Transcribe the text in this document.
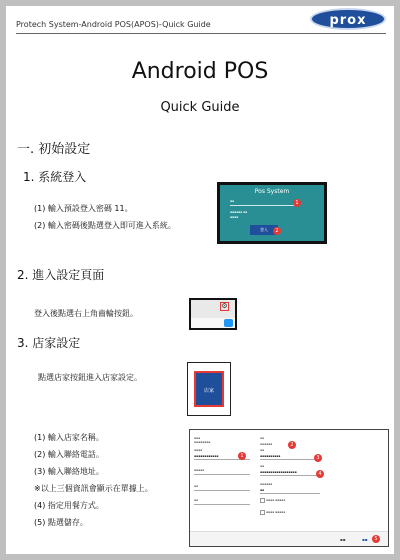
Protech System-Android POS(APOS)-Quick Guide	prox
Android POS
Quick Guide
一. 初始設定
1. 系統登入
(1) 輸入預設登入密碼 11。
(2) 輸入密碼後點選登入即可進入系統。
Pos System
▪▪
▪▪▪▪▪▪ ▪▪
▪▪▪▪
1
登入	2
2. 進入設定頁面
登入後點選右上角齒輪按鈕。
⚙
3. 店家設定
點選店家按鈕進入店家設定。
店家
(1) 輸入店家名稱。
(2) 輸入聯絡電話。
(3) 輸入聯絡地址。
※以上三個資訊會顯示在單據上。
(4) 指定用餐方式。
(5) 點選儲存。
▪▪▪
▪▪▪▪▪▪▪▪
▪▪
▪▪▪▪▪▪
▪▪▪▪
▪▪▪▪▪▪▪▪▪▪▪▪	1
▪▪
▪▪▪▪▪▪▪▪▪▪
2
▪▪
▪▪▪▪▪▪▪▪▪▪▪▪▪▪▪▪▪▪
3
▪▪▪▪▪
▪▪▪▪▪▪
▪▪
4
▪▪
▪▪▪▪ ▪▪▪▪▪
▪▪
▪▪▪▪ ▪▪▪▪▪
▪▪	▪▪	5
